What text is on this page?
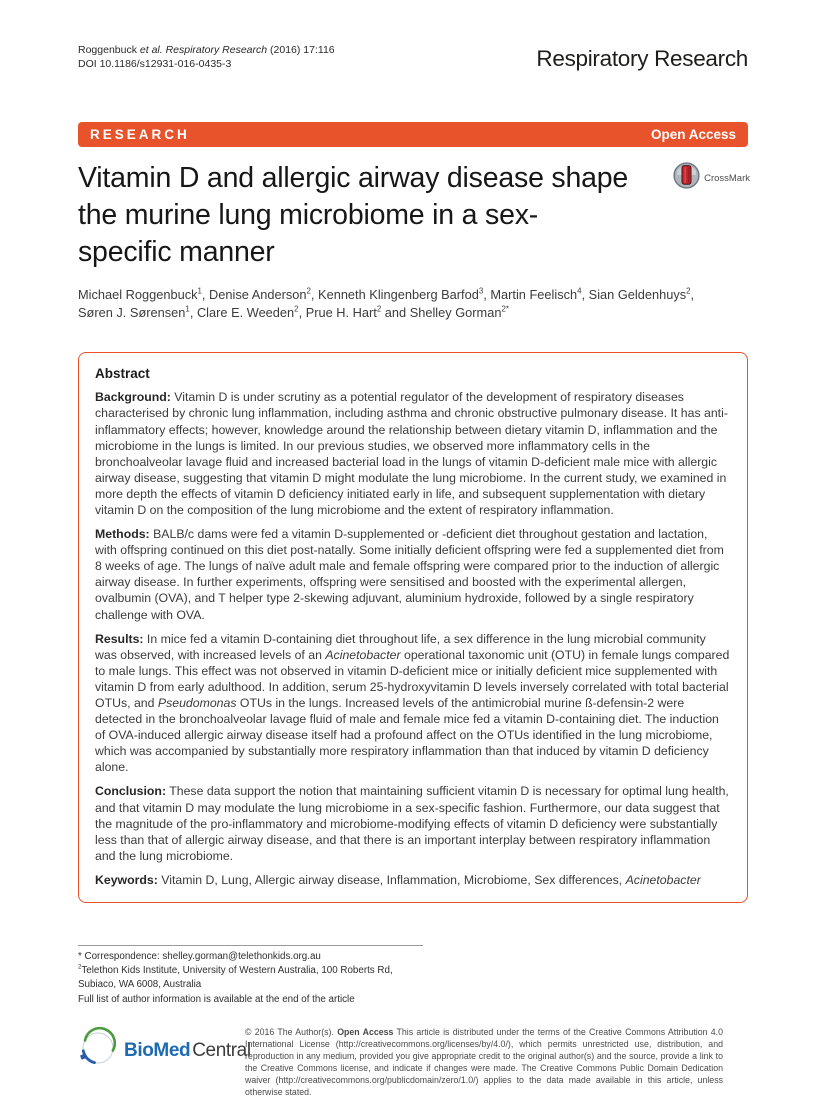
Roggenbuck et al. Respiratory Research (2016) 17:116
DOI 10.1186/s12931-016-0435-3	Respiratory Research
RESEARCH	Open Access
Vitamin D and allergic airway disease shape
the murine lung microbiome in a sex-
specific manner
CrossMark
Michael Roggenbuck$^1$, Denise Anderson$^2$, Kenneth Klingenberg Barfod$^3$, Martin Feelisch$^4$, Sian Geldenhuys$^2$,
Søren J. Sørensen$^1$, Clare E. Weeden$^2$, Prue H. Hart$^2$ and Shelley Gorman$^{2*}$
Abstract

Background: Vitamin D is under scrutiny as a potential regulator of the development of respiratory diseases characterised by chronic lung inflammation, including asthma and chronic obstructive pulmonary disease. It has anti-inflammatory effects; however, knowledge around the relationship between dietary vitamin D, inflammation and the microbiome in the lungs is limited. In our previous studies, we observed more inflammatory cells in the bronchoalveolar lavage fluid and increased bacterial load in the lungs of vitamin D-deficient male mice with allergic airway disease, suggesting that vitamin D might modulate the lung microbiome. In the current study, we examined in more depth the effects of vitamin D deficiency initiated early in life, and subsequent supplementation with dietary vitamin D on the composition of the lung microbiome and the extent of respiratory inflammation.

Methods: BALB/c dams were fed a vitamin D-supplemented or -deficient diet throughout gestation and lactation, with offspring continued on this diet post-natally. Some initially deficient offspring were fed a supplemented diet from 8 weeks of age. The lungs of naïve adult male and female offspring were compared prior to the induction of allergic airway disease. In further experiments, offspring were sensitised and boosted with the experimental allergen, ovalbumin (OVA), and T helper type 2-skewing adjuvant, aluminium hydroxide, followed by a single respiratory challenge with OVA.

Results: In mice fed a vitamin D-containing diet throughout life, a sex difference in the lung microbial community was observed, with increased levels of an Acinetobacter operational taxonomic unit (OTU) in female lungs compared to male lungs. This effect was not observed in vitamin D-deficient mice or initially deficient mice supplemented with vitamin D from early adulthood. In addition, serum 25-hydroxyvitamin D levels inversely correlated with total bacterial OTUs, and Pseudomonas OTUs in the lungs. Increased levels of the antimicrobial murine ß-defensin-2 were detected in the bronchoalveolar lavage fluid of male and female mice fed a vitamin D-containing diet. The induction of OVA-induced allergic airway disease itself had a profound affect on the OTUs identified in the lung microbiome, which was accompanied by substantially more respiratory inflammation than that induced by vitamin D deficiency alone.

Conclusion: These data support the notion that maintaining sufficient vitamin D is necessary for optimal lung health, and that vitamin D may modulate the lung microbiome in a sex-specific fashion. Furthermore, our data suggest that the magnitude of the pro-inflammatory and microbiome-modifying effects of vitamin D deficiency were substantially less than that of allergic airway disease, and that there is an important interplay between respiratory inflammation and the lung microbiome.

Keywords: Vitamin D, Lung, Allergic airway disease, Inflammation, Microbiome, Sex differences, Acinetobacter

* Correspondence: shelley.gorman@telethonkids.org.au
$^2$Telethon Kids Institute, University of Western Australia, 100 Roberts Rd,
Subiaco, WA 6008, Australia
Full list of author information is available at the end of the article
BioMed Central
© 2016 The Author(s). Open Access This article is distributed under the terms of the Creative Commons Attribution 4.0 International License (http://creativecommons.org/licenses/by/4.0/), which permits unrestricted use, distribution, and reproduction in any medium, provided you give appropriate credit to the original author(s) and the source, provide a link to the Creative Commons license, and indicate if changes were made. The Creative Commons Public Domain Dedication waiver (http://creativecommons.org/publicdomain/zero/1.0/) applies to the data made available in this article, unless otherwise stated.
